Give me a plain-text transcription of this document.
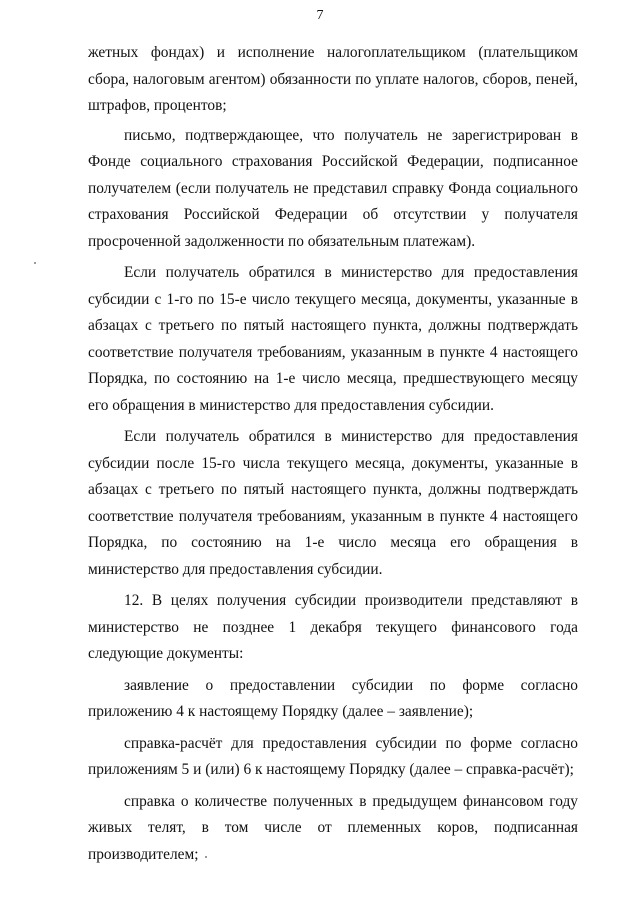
7

жетных фондах) и исполнение налогоплательщиком (плательщиком сбора, налоговым агентом) обязанности по уплате налогов, сборов, пеней, штрафов, процентов;

письмо, подтверждающее, что получатель не зарегистрирован в Фонде социального страхования Российской Федерации, подписанное получателем (если получатель не представил справку Фонда социального страхования Российской Федерации об отсутствии у получателя просроченной задолженности по обязательным платежам).

Если получатель обратился в министерство для предоставления субсидии с 1-го по 15-е число текущего месяца, документы, указанные в абзацах с третьего по пятый настоящего пункта, должны подтверждать соответствие получателя требованиям, указанным в пункте 4 настоящего Порядка, по состоянию на 1-е число месяца, предшествующего месяцу его обращения в министерство для предоставления субсидии.

Если получатель обратился в министерство для предоставления субсидии после 15-го числа текущего месяца, документы, указанные в абзацах с третьего по пятый настоящего пункта, должны подтверждать соответствие получателя требованиям, указанным в пункте 4 настоящего Порядка, по состоянию на 1-е число месяца его обращения в министерство для предоставления субсидии.

12. В целях получения субсидии производители представляют в министерство не позднее 1 декабря текущего финансового года следующие документы:

заявление о предоставлении субсидии по форме согласно приложению 4 к настоящему Порядку (далее – заявление);

справка-расчёт для предоставления субсидии по форме согласно приложениям 5 и (или) 6 к настоящему Порядку (далее – справка-расчёт);

справка о количестве полученных в предыдущем финансовом году живых телят, в том числе от племенных коров, подписанная производителем;
